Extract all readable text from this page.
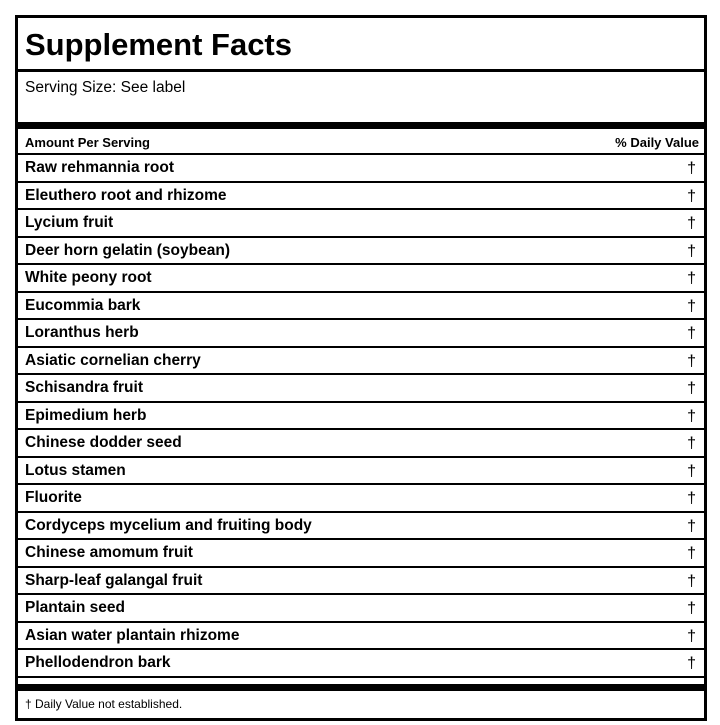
Supplement Facts
Serving Size: See label
Amount Per Serving	% Daily Value
Raw rehmannia root	†
Eleuthero root and rhizome	†
Lycium fruit	†
Deer horn gelatin (soybean)	†
White peony root	†
Eucommia bark	†
Loranthus herb	†
Asiatic cornelian cherry	†
Schisandra fruit	†
Epimedium herb	†
Chinese dodder seed	†
Lotus stamen	†
Fluorite	†
Cordyceps mycelium and fruiting body	†
Chinese amomum fruit	†
Sharp-leaf galangal fruit	†
Plantain seed	†
Asian water plantain rhizome	†
Phellodendron bark	†
† Daily Value not established.
